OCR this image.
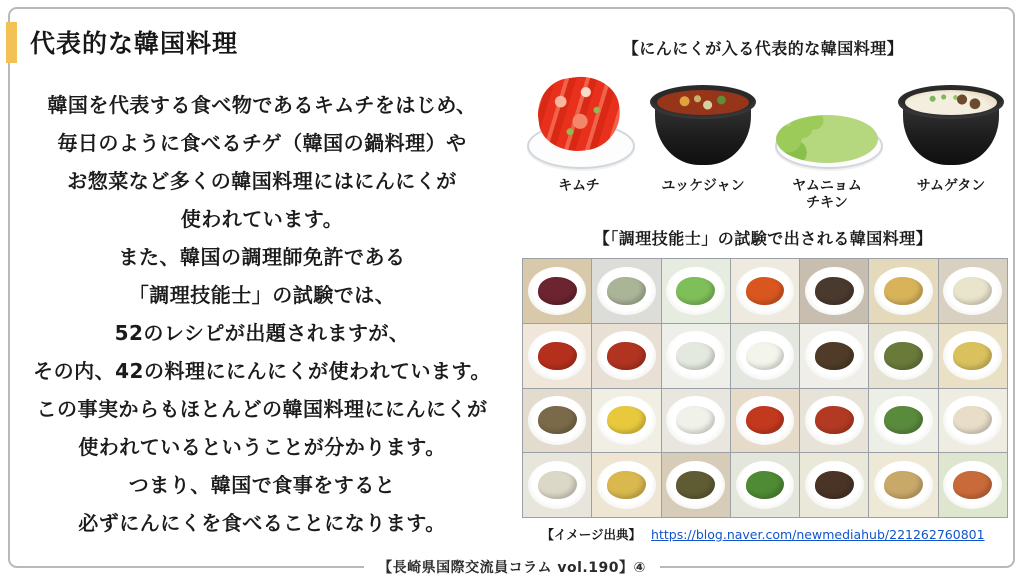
代表的な韓国料理
韓国を代表する食べ物であるキムチをはじめ、
毎日のように食べるチゲ（韓国の鍋料理）や
お惣菜など多くの韓国料理にはにんにくが
使われています。
また、韓国の調理師免許である
「調理技能士」の試験では、
52のレシピが出題されますが、
その内、42の料理ににんにくが使われています。
この事実からもほとんどの韓国料理ににんにくが
使われているということが分かります。
つまり、韓国で食事をすると
必ずにんにくを食べることになります。
【にんにくが入る代表的な韓国料理】
キムチ	ユッケジャン	ヤムニョム
チキン
サムゲタン
【「調理技能士」の試験で出される韓国料理】
【イメージ出典】 https://blog.naver.com/newmediahub/221262760801
【長崎県国際交流員コラム vol.190】④
